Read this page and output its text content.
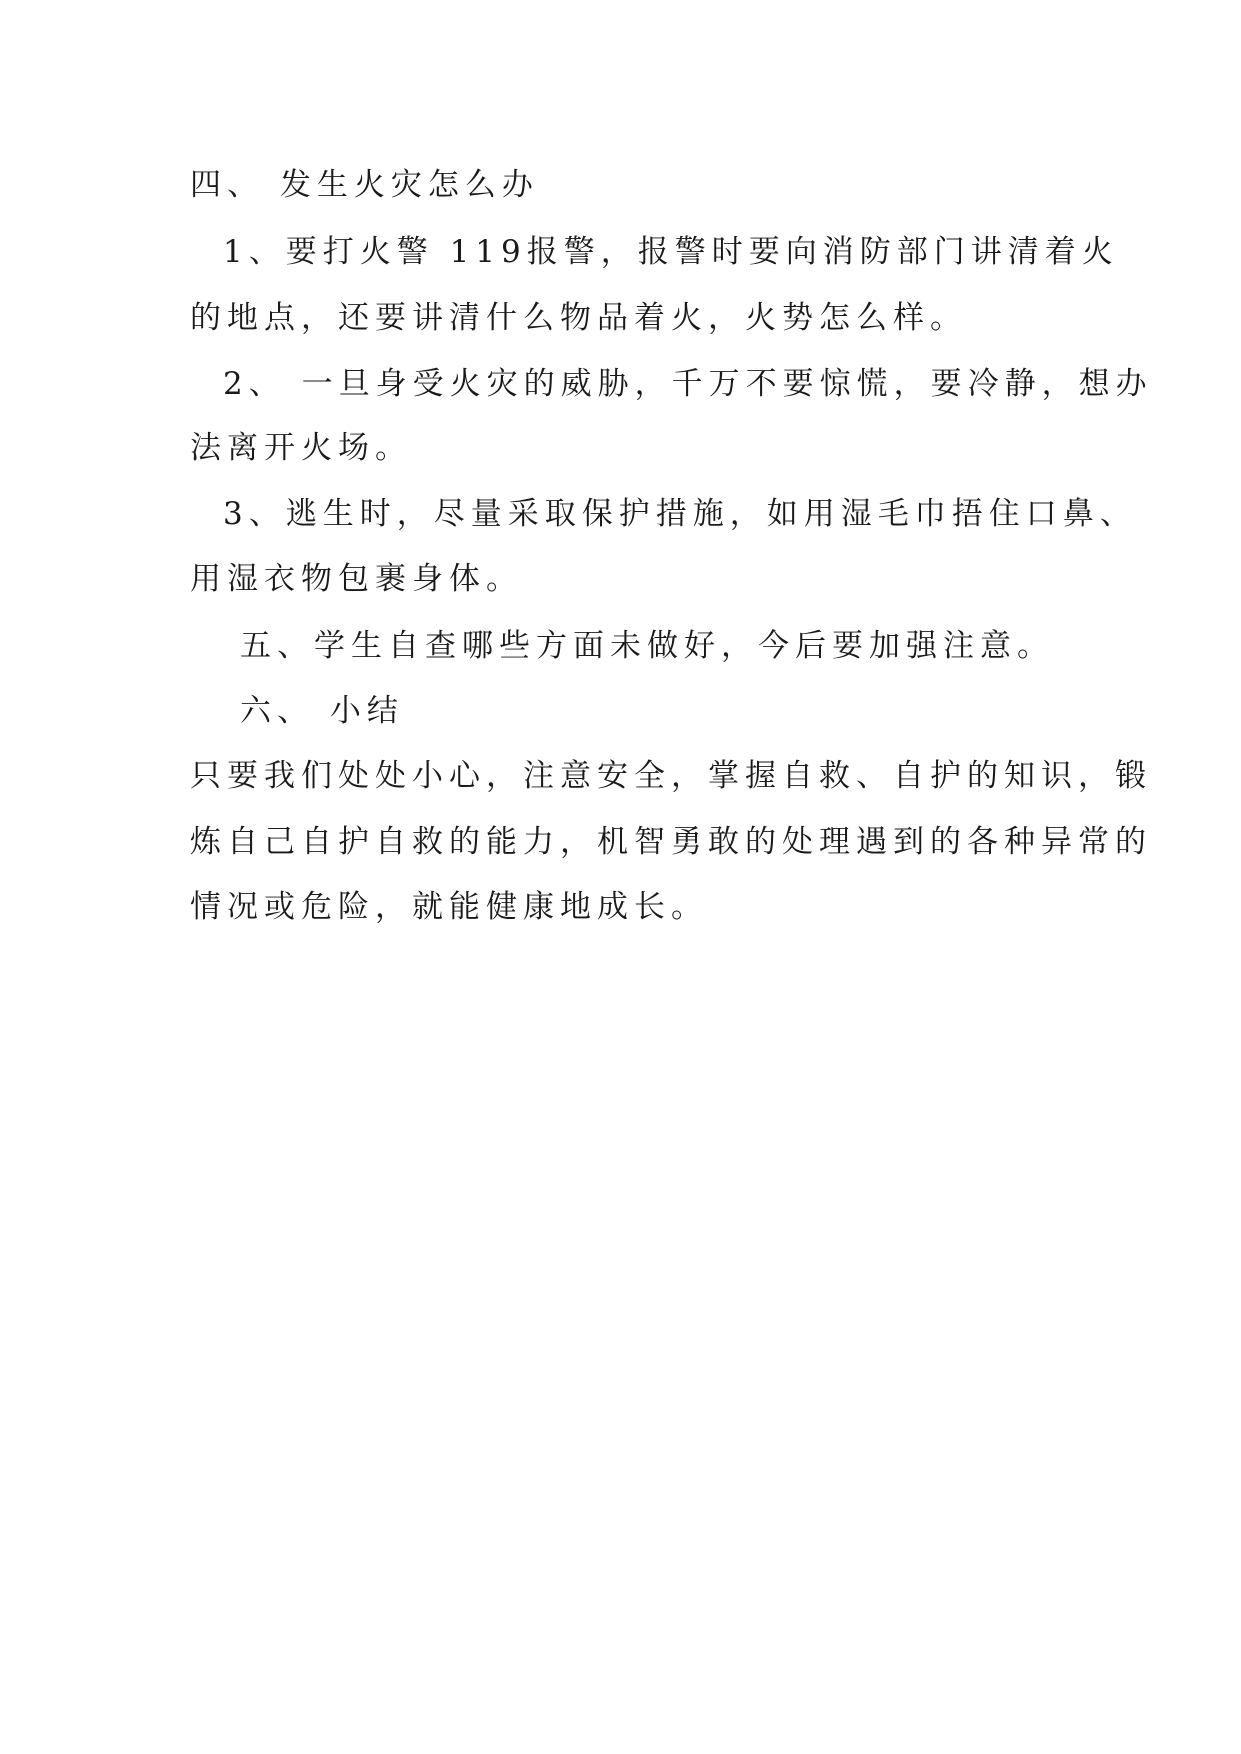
四、 发生火灾怎么办
1、要打火警 119报警，报警时要向消防部门讲清着火
的地点，还要讲清什么物品着火，火势怎么样。
2、 一旦身受火灾的威胁，千万不要惊慌，要冷静，想办
法离开火场。
3、逃生时，尽量采取保护措施，如用湿毛巾捂住口鼻、
用湿衣物包裹身体。
五、学生自查哪些方面未做好，今后要加强注意。
六、 小结
只要我们处处小心，注意安全，掌握自救、自护的知识，锻
炼自己自护自救的能力，机智勇敢的处理遇到的各种异常的
情况或危险，就能健康地成长。
